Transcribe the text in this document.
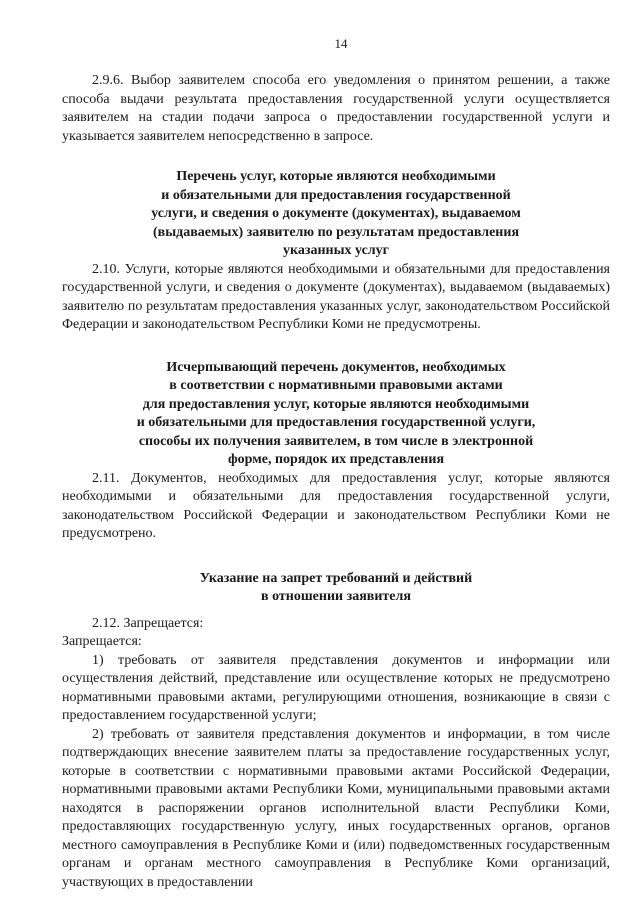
14

2.9.6. Выбор заявителем способа его уведомления о принятом решении, а также способа выдачи результата предоставления государственной услуги осуществляется заявителем на стадии подачи запроса о предоставлении государственной услуги и указывается заявителем непосредственно в запросе.

Перечень услуг, которые являются необходимыми
и обязательными для предоставления государственной
услуги, и сведения о документе (документах), выдаваемом
(выдаваемых) заявителю по результатам предоставления
указанных услуг

2.10. Услуги, которые являются необходимыми и обязательными для предоставления государственной услуги, и сведения о документе (документах), выдаваемом (выдаваемых) заявителю по результатам предоставления указанных услуг, законодательством Российской Федерации и законодательством Республики Коми не предусмотрены.

Исчерпывающий перечень документов, необходимых
в соответствии с нормативными правовыми актами
для предоставления услуг, которые являются необходимыми
и обязательными для предоставления государственной услуги,
способы их получения заявителем, в том числе в электронной
форме, порядок их представления

2.11. Документов, необходимых для предоставления услуг, которые являются необходимыми и обязательными для предоставления государственной услуги, законодательством Российской Федерации и законодательством Республики Коми не предусмотрено.

Указание на запрет требований и действий
в отношении заявителя

2.12. Запрещается:

Запрещается:

1) требовать от заявителя представления документов и информации или осуществления действий, представление или осуществление которых не предусмотрено нормативными правовыми актами, регулирующими отношения, возникающие в связи с предоставлением государственной услуги;

2) требовать от заявителя представления документов и информации, в том числе подтверждающих внесение заявителем платы за предоставление государственных услуг, которые в соответствии с нормативными правовыми актами Российской Федерации, нормативными правовыми актами Республики Коми, муниципальными правовыми актами находятся в распоряжении органов исполнительной власти Республики Коми, предоставляющих государственную услугу, иных государственных органов, органов местного самоуправления в Республике Коми и (или) подведомственных государственным органам и органам местного самоуправления в Республике Коми организаций, участвующих в предоставлении
